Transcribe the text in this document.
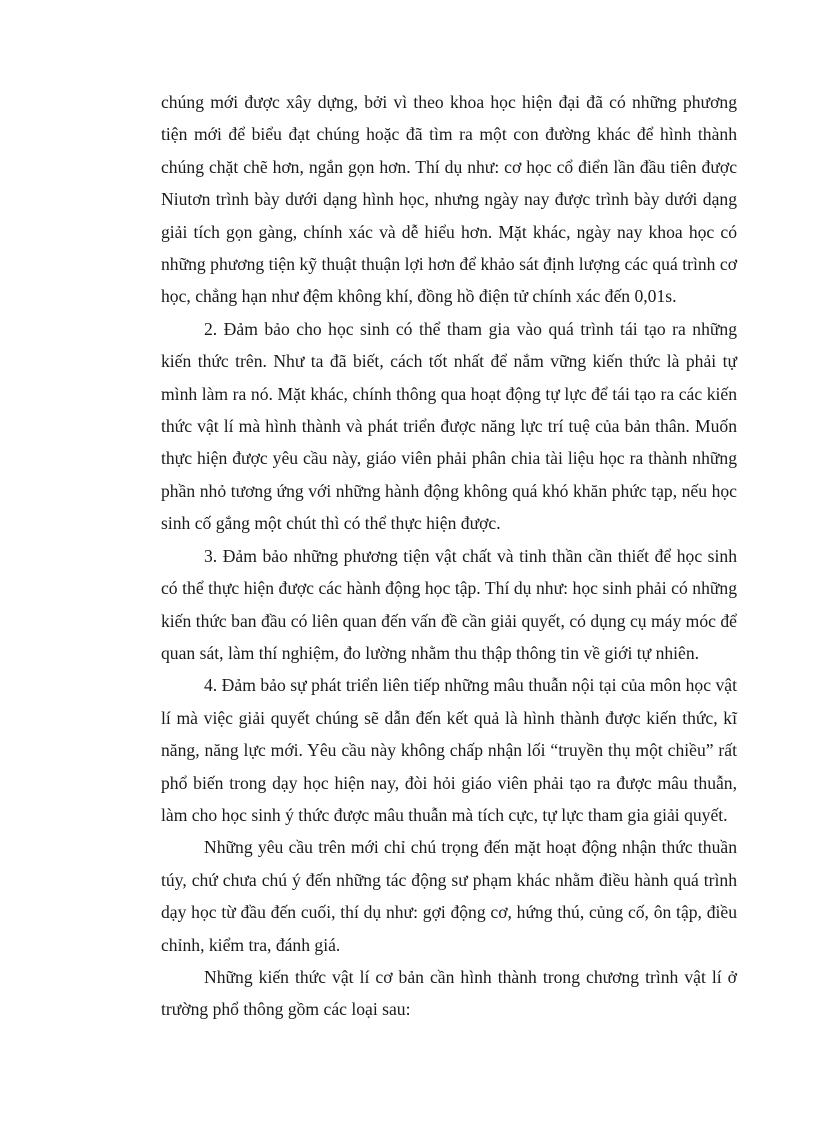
chúng mới được xây dựng, bởi vì theo khoa học hiện đại đã có những phương tiện mới để biểu đạt chúng hoặc đã tìm ra một con đường khác để hình thành chúng chặt chẽ hơn, ngắn gọn hơn. Thí dụ như: cơ học cổ điển lần đầu tiên được Niutơn trình bày dưới dạng hình học, nhưng ngày nay được trình bày dưới dạng giải tích gọn gàng, chính xác và dễ hiểu hơn. Mặt khác, ngày nay khoa học có những phương tiện kỹ thuật thuận lợi hơn để khảo sát định lượng các quá trình cơ học, chẳng hạn như đệm không khí, đồng hồ điện tử chính xác đến 0,01s.

2. Đảm bảo cho học sinh có thể tham gia vào quá trình tái tạo ra những kiến thức trên. Như ta đã biết, cách tốt nhất để nắm vững kiến thức là phải tự mình làm ra nó. Mặt khác, chính thông qua hoạt động tự lực để tái tạo ra các kiến thức vật lí mà hình thành và phát triển được năng lực trí tuệ của bản thân. Muốn thực hiện được yêu cầu này, giáo viên phải phân chia tài liệu học ra thành những phần nhỏ tương ứng với những hành động không quá khó khăn phức tạp, nếu học sinh cố gắng một chút thì có thể thực hiện được.

3. Đảm bảo những phương tiện vật chất và tinh thần cần thiết để học sinh có thể thực hiện được các hành động học tập. Thí dụ như: học sinh phải có những kiến thức ban đầu có liên quan đến vấn đề cần giải quyết, có dụng cụ máy móc để quan sát, làm thí nghiệm, đo lường nhằm thu thập thông tin về giới tự nhiên.

4. Đảm bảo sự phát triển liên tiếp những mâu thuẫn nội tại của môn học vật lí mà việc giải quyết chúng sẽ dẫn đến kết quả là hình thành được kiến thức, kĩ năng, năng lực mới. Yêu cầu này không chấp nhận lối “truyền thụ một chiều” rất phổ biến trong dạy học hiện nay, đòi hỏi giáo viên phải tạo ra được mâu thuẫn, làm cho học sinh ý thức được mâu thuẫn mà tích cực, tự lực tham gia giải quyết.

Những yêu cầu trên mới chỉ chú trọng đến mặt hoạt động nhận thức thuần túy, chứ chưa chú ý đến những tác động sư phạm khác nhằm điều hành quá trình dạy học từ đầu đến cuối, thí dụ như: gợi động cơ, hứng thú, củng cố, ôn tập, điều chỉnh, kiểm tra, đánh giá.

Những kiến thức vật lí cơ bản cần hình thành trong chương trình vật lí ở trường phổ thông gồm các loại sau:
